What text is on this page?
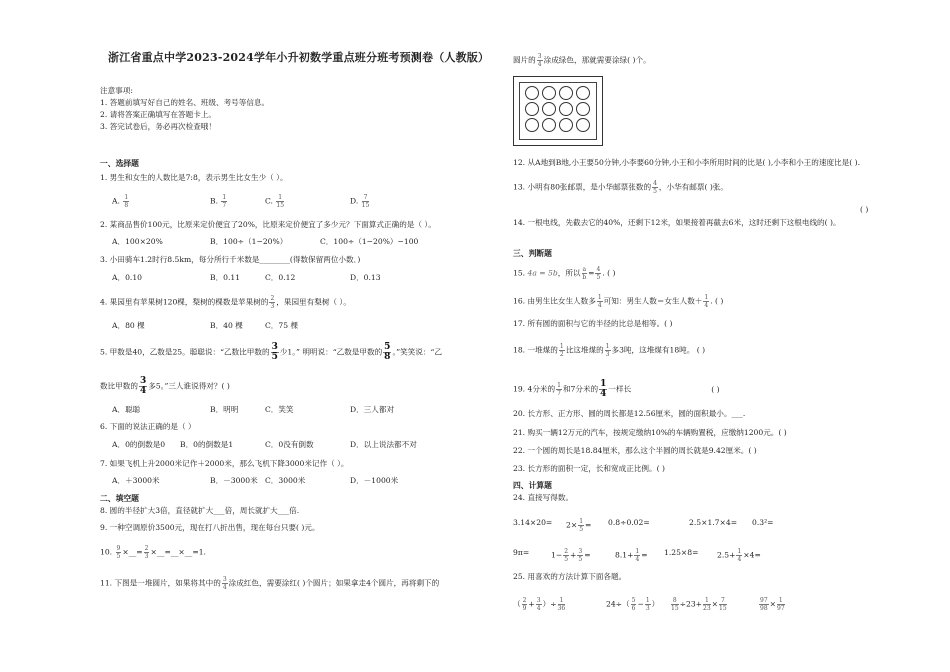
浙江省重点中学2023-2024学年小升初数学重点班分班考预测卷（人教版）
注意事项:
1. 答题前填写好自己的姓名、班级、考号等信息。
2. 请将答案正确填写在答题卡上。
3. 答完试卷后，务必再次检查哦！
一、选择题
1. 男生和女生的人数比是7:8，表示男生比女生少（ ）。
A. $\frac{1}{8}$	B. $\frac{1}{7}$	C. $\frac{1}{15}$	D. $\frac{7}{15}$
2. 某商品售价100元，比原来定价便宜了20%，比原来定价便宜了多少元？下面算式正确的是（ ）。
A．100×20%	B．100÷（1−20%）	C．100÷（1−20%）−100
3. 小田骑车1.2时行8.5km，每分所行千米数是________(得数保留两位小数．)
A．0.10	B．0.11	C．0.12	D．0.13
4. 果园里有苹果树120棵，梨树的棵数是苹果树的 $\frac{2}{3}$ ，果园里有梨树（ ）。
A．80 棵	B．40 棵	C．75 棵
5. 甲数是40，乙数是25。聪聪说：“乙数比甲数的 $\frac{3}{5}$ 少1。” 明明说：“乙数是甲数的 $\frac{5}{8}$ 。”笑笑说：“乙
数比甲数的 $\frac{3}{4}$ 多5。”三人谁说得对？( )
A．聪聪	B．明明	C．笑笑	D．三人都对
6. 下面的说法正确的是（ ）
A．0的倒数是0 B．0的倒数是1	C．0没有倒数	D．以上说法都不对
7. 如果飞机上升2000米记作＋2000米，那么飞机下降3000米记作（ ）。
A．＋3000米	B．－3000米 C．3000米	D．－1000米
二、填空题
8. 圆的半径扩大3倍，直径就扩大___倍，周长就扩大___倍.
9. 一种空调原价3500元，现在打八折出售，现在每台只要( )元。
10. $\frac{9}{5}$ ×__= $\frac{2}{3}$ ×__=__×__=1.
11. 下图是一堆圆片，如果将其中的 $\frac{3}{4}$ 涂成红色，需要涂红( )个圆片；如果拿走4个圆片，再将剩下的
圆片的 $\frac{3}{4}$ 涂成绿色，那就需要涂绿( )个。
12. 从A地到B地,小王要50分钟,小李要60分钟,小王和小李所用时间的比是( ),小李和小王的速度比是( ).
13. 小明有80张邮票，是小华邮票张数的 $\frac{4}{5}$ ，小华有邮票( )张。
( )
14. 一根电线，先截去它的40%，还剩下12米，如果接着再截去6米，这时还剩下这根电线的( )。
三、判断题
15. 4a = 5b，所以 $\frac{a}{b} = \frac{4}{5}$ . ( )
16. 由男生比女生人数多 $\frac{1}{4}$ 可知：男生人数＝女生人数＋ $\frac{1}{4}$ . ( )
17. 所有圆的面积与它的半径的比总是相等。( )
18. 一堆煤的 $\frac{1}{2}$ 比这堆煤的 $\frac{1}{3}$ 多3吨，这堆煤有18吨。 ( )
19. 4分米的 $\frac{1}{7}$ 和7分米的 $\frac{1}{4}$ 一样长	( )
20. 长方形、正方形、圆的周长都是12.56厘米，圆的面积最小。___.
21. 购买一辆12万元的汽车，按规定缴纳10%的车辆购置税，应缴纳1200元。( )
22. 一个圆的周长是18.84厘米，那么这个半圆的周长就是9.42厘米。( )
23. 长方形的面积一定，长和宽成正比例。( )
四、计算题
24. 直接写得数。
$3.14\times 20= 2\times \frac{1}{5} = 0.8\div 0.02=$	2.5×1.7×4= 0.3²=
9π=	$1- \frac{2}{5} + \frac{3}{5}$ =	$8.1+ \frac{1}{4} = 1.25\times 8= 2.5+ \frac{1}{4} \times 4=$
25. 用喜欢的方法计算下面各题。
（ $\frac{2}{9} + \frac{3}{4}$ ）÷ $\frac{1}{36}$	$24\div( \frac{5}{6} - \frac{1}{3}$ ） $\frac{8}{15} \div 23+ \frac{1}{23} \times \frac{7}{15}$	$\frac{97}{98} \times \frac{1}{97}$
